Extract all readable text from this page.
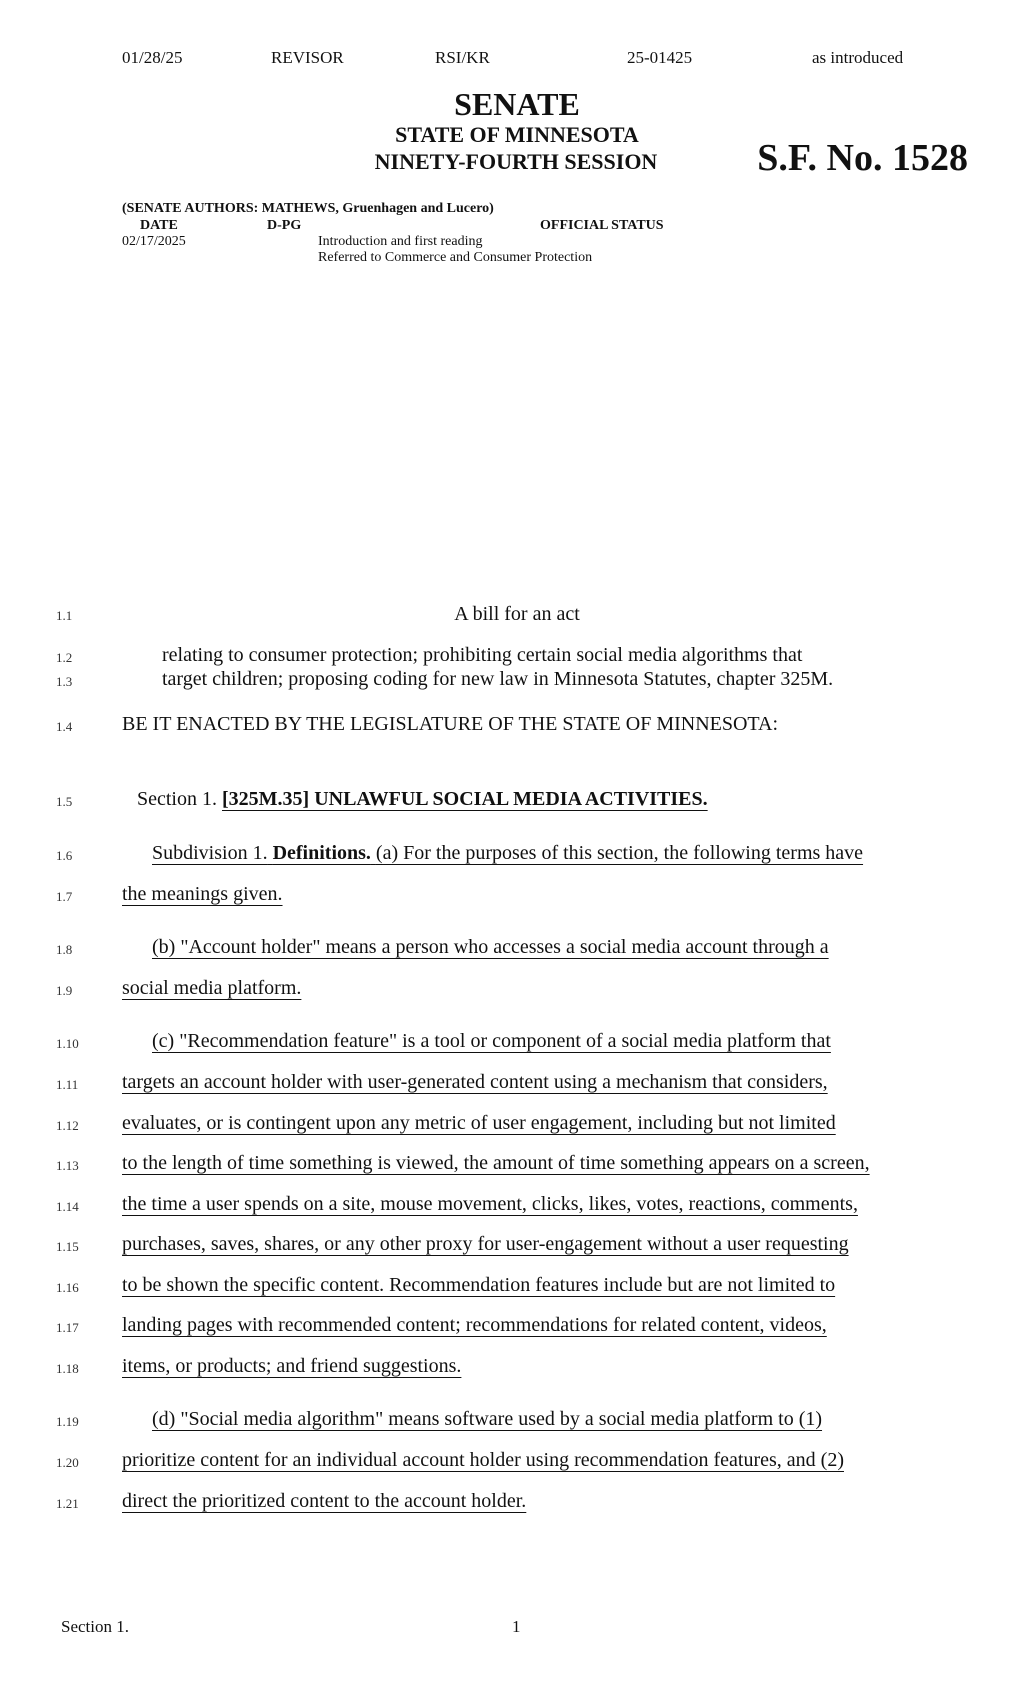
01/28/25	REVISOR	RSI/KR	25-01425	as introduced
SENATE
STATE OF MINNESOTA
NINETY-FOURTH SESSION	S.F. No. 1528
(SENATE AUTHORS: MATHEWS, Gruenhagen and Lucero)
DATE	D-PG	OFFICIAL STATUS
02/17/2025	Introduction and first reading
Referred to Commerce and Consumer Protection
1.1	A bill for an act
1.2	relating to consumer protection; prohibiting certain social media algorithms that
1.3	target children; proposing coding for new law in Minnesota Statutes, chapter 325M.
1.4	BE IT ENACTED BY THE LEGISLATURE OF THE STATE OF MINNESOTA:
1.5	Section 1. [325M.35] UNLAWFUL SOCIAL MEDIA ACTIVITIES.
1.6	Subdivision 1. Definitions. (a) For the purposes of this section, the following terms have
1.7	the meanings given.
1.8	(b) "Account holder" means a person who accesses a social media account through a
1.9	social media platform.
1.10	(c) "Recommendation feature" is a tool or component of a social media platform that
1.11	targets an account holder with user-generated content using a mechanism that considers,
1.12	evaluates, or is contingent upon any metric of user engagement, including but not limited
1.13	to the length of time something is viewed, the amount of time something appears on a screen,
1.14	the time a user spends on a site, mouse movement, clicks, likes, votes, reactions, comments,
1.15	purchases, saves, shares, or any other proxy for user-engagement without a user requesting
1.16	to be shown the specific content. Recommendation features include but are not limited to
1.17	landing pages with recommended content; recommendations for related content, videos,
1.18	items, or products; and friend suggestions.
1.19	(d) "Social media algorithm" means software used by a social media platform to (1)
1.20	prioritize content for an individual account holder using recommendation features, and (2)
1.21	direct the prioritized content to the account holder.
Section 1.	1
